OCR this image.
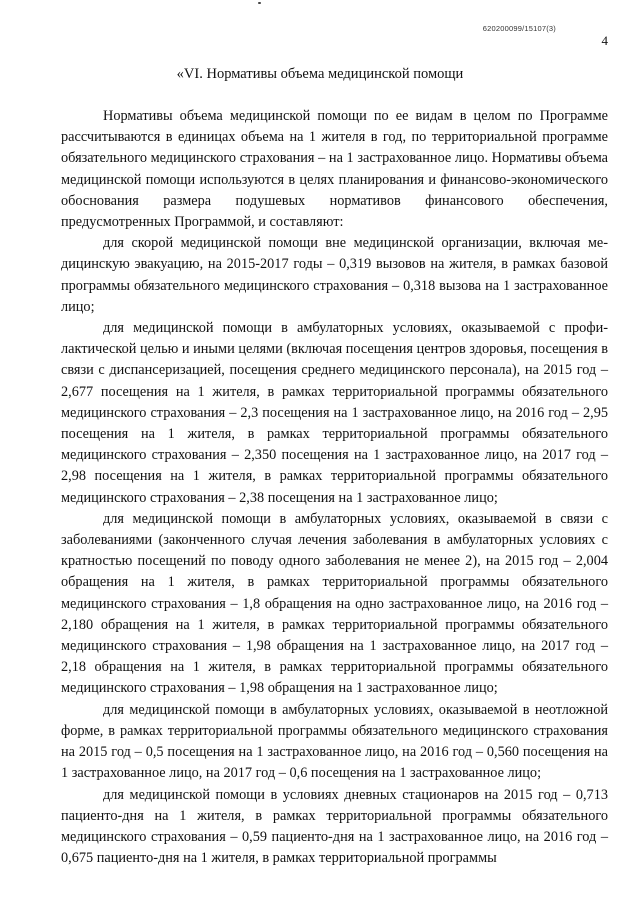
620200099/15107(3)
4
«VI. Нормативы объема медицинской помощи

Нормативы объема медицинской помощи по ее видам в целом по Программе рассчитываются в единицах объема на 1 жителя в год, по территориальной программе обязательного медицинского страхования – на 1 застрахованное лицо. Нормативы объема медицинской помощи используются в целях планирования и финансово-экономического обоснования размера подушевых нормативов финансового обеспечения, предусмотренных Программой, и составляют:

для скорой медицинской помощи вне медицинской организации, включая медицинскую эвакуацию, на 2015-2017 годы – 0,319 вызовов на жителя, в рамках базовой программы обязательного медицинского страхования – 0,318 вызова на 1 застрахованное лицо;

для медицинской помощи в амбулаторных условиях, оказываемой с профилактической целью и иными целями (включая посещения центров здоровья, посещения в связи с диспансеризацией, посещения среднего медицинского персонала), на 2015 год – 2,677 посещения на 1 жителя, в рамках территориальной программы обязательного медицинского страхования – 2,3 посещения на 1 застрахованное лицо, на 2016 год – 2,95 посещения на 1 жителя, в рамках территориальной программы обязательного медицинского страхования – 2,350 посещения на 1 застрахованное лицо, на 2017 год – 2,98 посещения на 1 жителя, в рамках территориальной программы обязательного медицинского страхования – 2,38 посещения на 1 застрахованное лицо;

для медицинской помощи в амбулаторных условиях, оказываемой в связи с заболеваниями (законченного случая лечения заболевания в амбулаторных условиях с кратностью посещений по поводу одного заболевания не менее 2), на 2015 год – 2,004 обращения на 1 жителя, в рамках территориальной программы обязательного медицинского страхования – 1,8 обращения на одно застрахованное лицо, на 2016 год – 2,180 обращения на 1 жителя, в рамках территориальной программы обязательного медицинского страхования – 1,98 обращения на 1 застрахованное лицо, на 2017 год – 2,18 обращения на 1 жителя, в рамках территориальной программы обязательного медицинского страхования – 1,98 обращения на 1 застрахованное лицо;

для медицинской помощи в амбулаторных условиях, оказываемой в неотложной форме, в рамках территориальной программы обязательного медицинского страхования на 2015 год – 0,5 посещения на 1 застрахованное лицо, на 2016 год – 0,560 посещения на 1 застрахованное лицо, на 2017 год – 0,6 посещения на 1 застрахованное лицо;

для медицинской помощи в условиях дневных стационаров на 2015 год – 0,713 пациенто-дня на 1 жителя, в рамках территориальной программы обязательного медицинского страхования – 0,59 пациенто-дня на 1 застрахованное лицо, на 2016 год – 0,675 пациенто-дня на 1 жителя, в рамках территориальной программы
